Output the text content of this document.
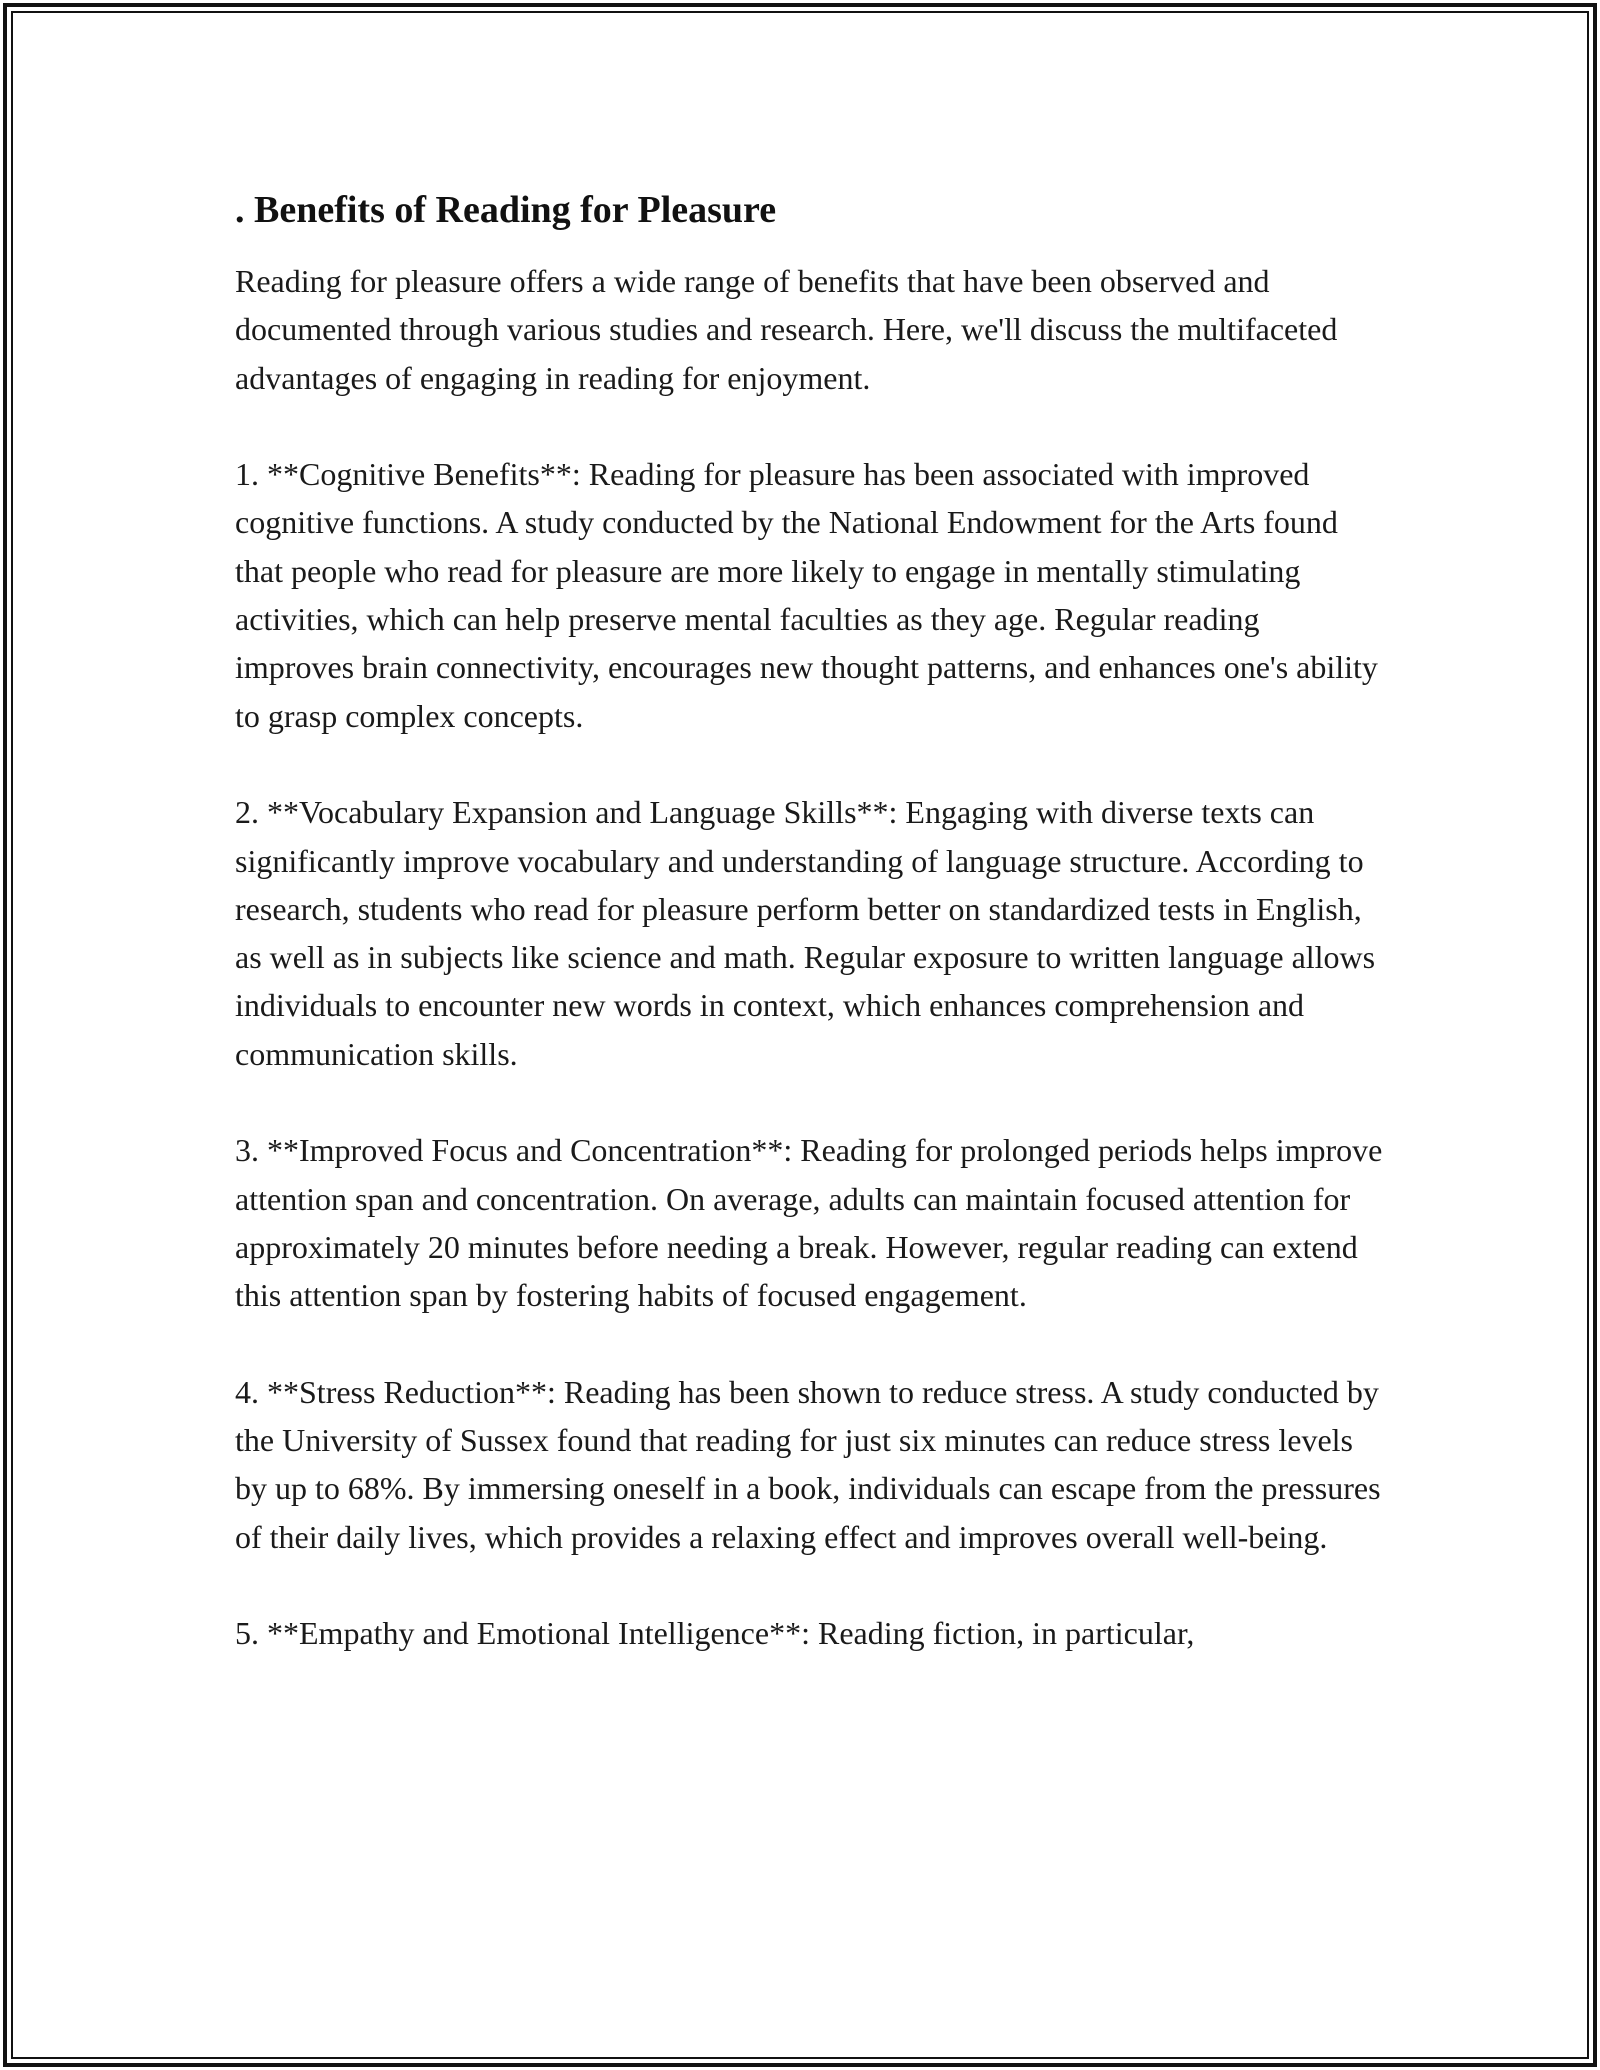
. Benefits of Reading for Pleasure

Reading for pleasure offers a wide range of benefits that have been observed and documented through various studies and research. Here, we'll discuss the multifaceted advantages of engaging in reading for enjoyment.

1. **Cognitive Benefits**: Reading for pleasure has been associated with improved cognitive functions. A study conducted by the National Endowment for the Arts found that people who read for pleasure are more likely to engage in mentally stimulating activities, which can help preserve mental faculties as they age. Regular reading improves brain connectivity, encourages new thought patterns, and enhances one's ability to grasp complex concepts.

2. **Vocabulary Expansion and Language Skills**: Engaging with diverse texts can significantly improve vocabulary and understanding of language structure. According to research, students who read for pleasure perform better on standardized tests in English, as well as in subjects like science and math. Regular exposure to written language allows individuals to encounter new words in context, which enhances comprehension and communication skills.

3. **Improved Focus and Concentration**: Reading for prolonged periods helps improve attention span and concentration. On average, adults can maintain focused attention for approximately 20 minutes before needing a break. However, regular reading can extend this attention span by fostering habits of focused engagement.

4. **Stress Reduction**: Reading has been shown to reduce stress. A study conducted by the University of Sussex found that reading for just six minutes can reduce stress levels by up to 68%. By immersing oneself in a book, individuals can escape from the pressures of their daily lives, which provides a relaxing effect and improves overall well-being.

5. **Empathy and Emotional Intelligence**: Reading fiction, in particular,
